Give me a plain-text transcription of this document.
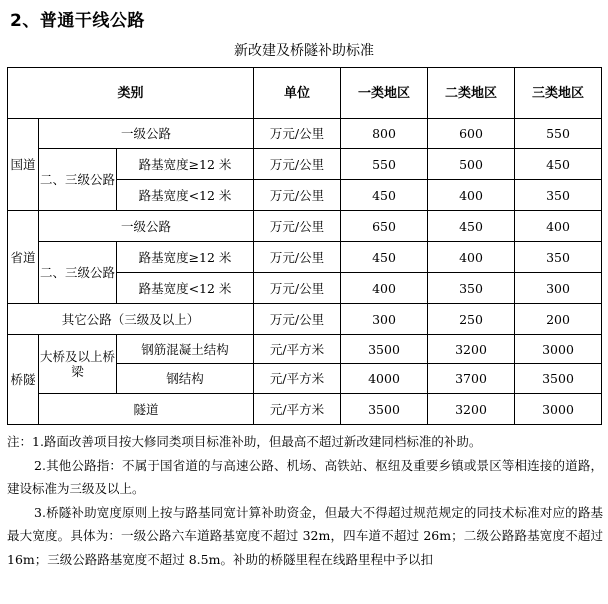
2、普通干线公路
新改建及桥隧补助标准
类别			单位	一类地区	二类地区	三类地区
国道	一级公路		万元/公里	800	600	550
	二、三级公路	路基宽度≥12 米	万元/公里	550	500	450
		路基宽度<12 米	万元/公里	450	400	350
省道	一级公路		万元/公里	650	450	400
	二、三级公路	路基宽度≥12 米	万元/公里	450	400	350
		路基宽度<12 米	万元/公里	400	350	300
其它公路（三级及以上）			万元/公里	300	250	200
桥隧	大桥及以上桥梁	钢筋混凝土结构	元/平方米	3500	3200	3000
		钢结构	元/平方米	4000	3700	3500
	隧道		元/平方米	3500	3200	3000

注：1.路面改善项目按大修同类项目标准补助，但最高不超过新改建同档标准的补助。

2.其他公路指：不属于国省道的与高速公路、机场、高铁站、枢纽及重要乡镇或景区等相连接的道路，建设标准为三级及以上。

3.桥隧补助宽度原则上按与路基同宽计算补助资金，但最大不得超过规范规定的同技术标准对应的路基最大宽度。具体为：一级公路六车道路基宽度不超过 32m，四车道不超过 26m；二级公路路基宽度不超过 16m；三级公路路基宽度不超过 8.5m。补助的桥隧里程在线路里程中予以扣
